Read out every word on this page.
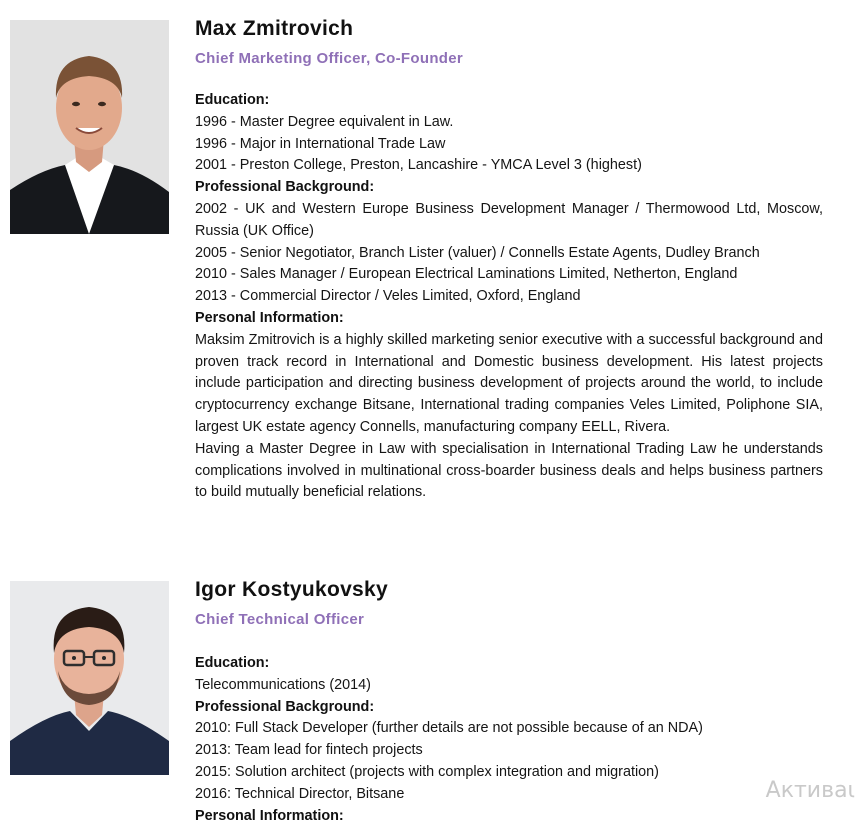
Max Zmitrovich
Chief Marketing Officer, Co-Founder
Education:
1996 - Master Degree equivalent in Law.
1996 - Major in International Trade Law
2001 - Preston College, Preston, Lancashire - YMCA Level 3 (highest)
Professional Background:
2002 - UK and Western Europe Business Development Manager / Thermowood Ltd, Moscow, Russia (UK Office)
2005 - Senior Negotiator, Branch Lister (valuer) / Connells Estate Agents, Dudley Branch
2010 - Sales Manager / European Electrical Laminations Limited, Netherton, England
2013 - Commercial Director / Veles Limited, Oxford, England
Personal Information:
Maksim Zmitrovich is a highly skilled marketing senior executive with a successful background and proven track record in International and Domestic business development. His latest projects include participation and directing business development of projects around the world, to include cryptocurrency exchange Bitsane, International trading companies Veles Limited, Poliphone SIA, largest UK estate agency Connells, manufacturing company EELL, Rivera.
Having a Master Degree in Law with specialisation in International Trading Law he understands complications involved in multinational cross-boarder business deals and helps business partners to build mutually beneficial relations.
Igor Kostyukovsky
Chief Technical Officer
Education:
Telecommunications (2014)
Professional Background:
2010: Full Stack Developer (further details are not possible because of an NDA)
2013: Team lead for fintech projects
2015: Solution architect (projects with complex integration and migration)
2016: Technical Director, Bitsane
Personal Information:
Активаι
